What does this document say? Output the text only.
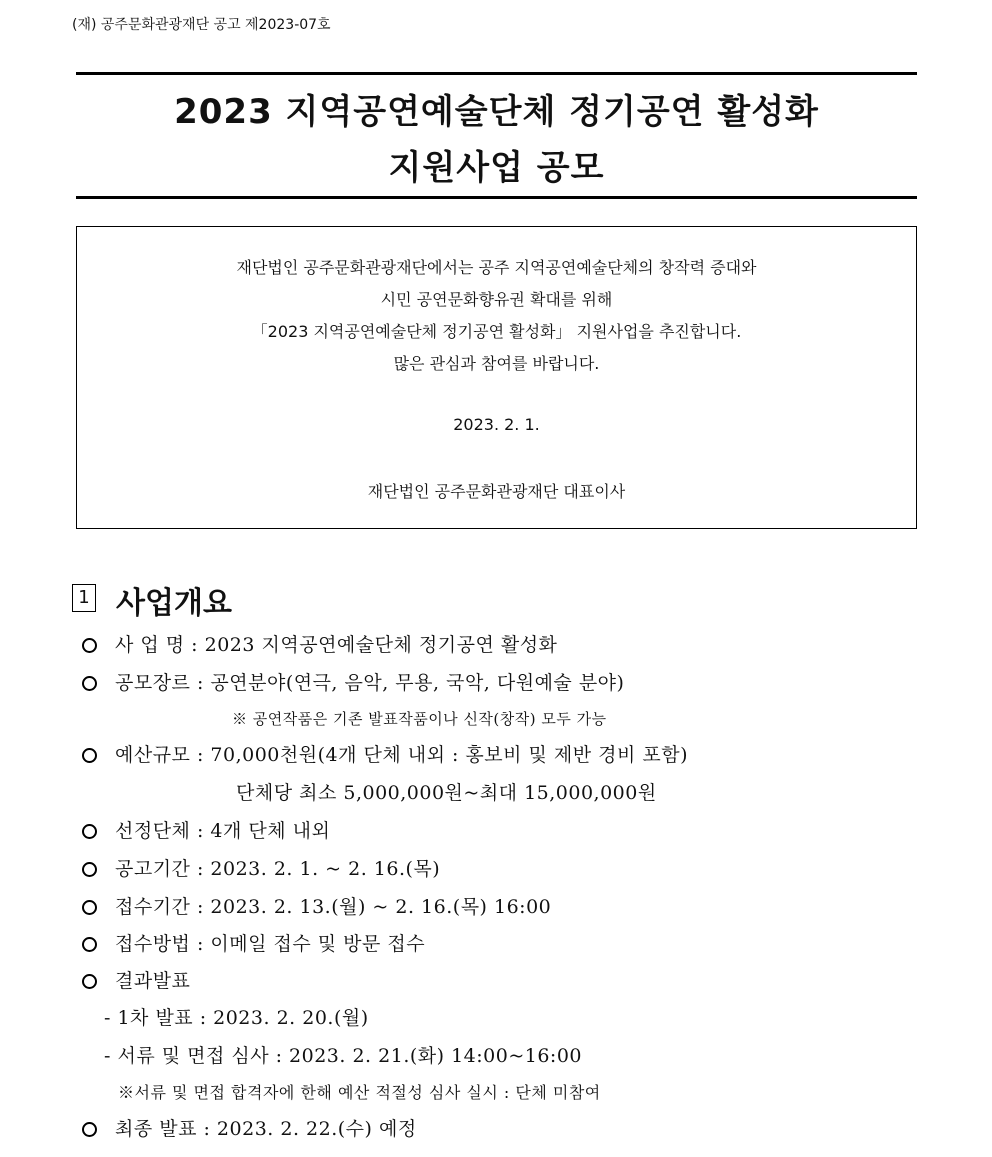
(재) 공주문화관광재단 공고 제2023-07호
2023 지역공연예술단체 정기공연 활성화
지원사업 공모

재단법인 공주문화관광재단에서는 공주 지역공연예술단체의 창작력 증대와

시민 공연문화향유권 확대를 위해

「2023 지역공연예술단체 정기공연 활성화」 지원사업을 추진합니다.

많은 관심과 참여를 바랍니다.

2023. 2. 1.

재단법인 공주문화관광재단 대표이사

1 사업개요
사 업 명 : 2023 지역공연예술단체 정기공연 활성화
공모장르 : 공연분야(연극, 음악, 무용, 국악, 다원예술 분야)
※ 공연작품은 기존 발표작품이나 신작(창작) 모두 가능
예산규모 : 70,000천원(4개 단체 내외 : 홍보비 및 제반 경비 포함)
단체당 최소 5,000,000원~최대 15,000,000원
선정단체 : 4개 단체 내외
공고기간 : 2023. 2. 1. ~ 2. 16.(목)
접수기간 : 2023. 2. 13.(월) ~ 2. 16.(목) 16:00
접수방법 : 이메일 접수 및 방문 접수
결과발표
- 1차 발표 : 2023. 2. 20.(월)
- 서류 및 면접 심사 : 2023. 2. 21.(화) 14:00~16:00
※서류 및 면접 합격자에 한해 예산 적절성 심사 실시 : 단체 미참여
최종 발표 : 2023. 2. 22.(수) 예정
